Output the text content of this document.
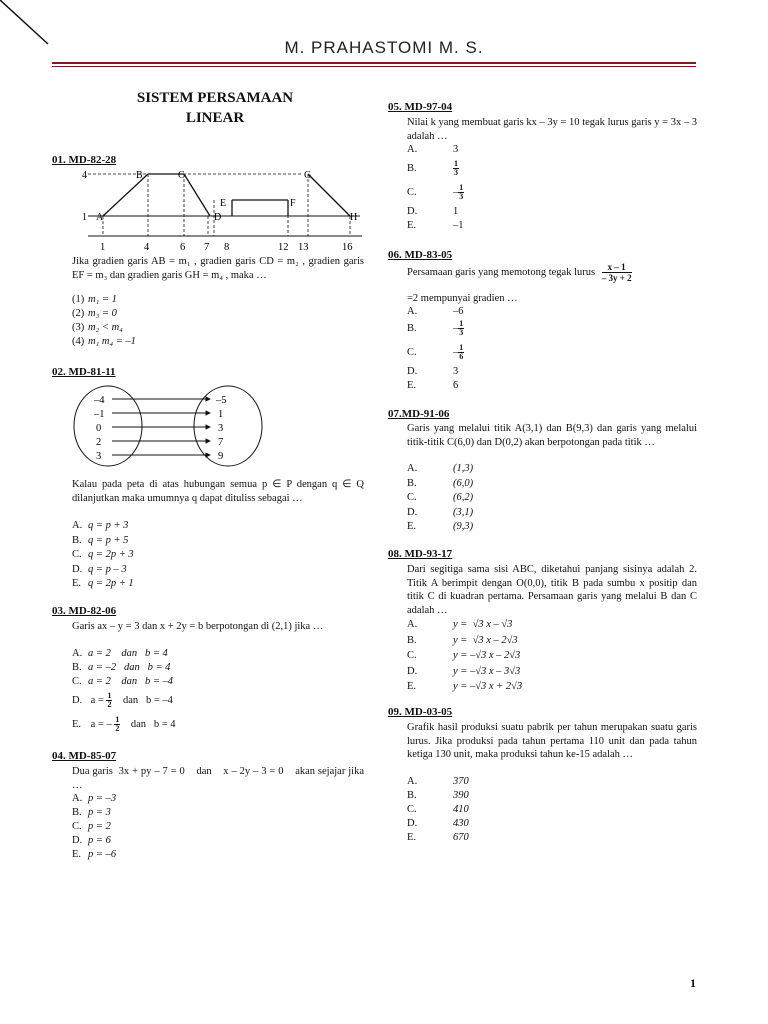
M. PRAHASTOMI M. S.
SISTEM PERSAMAAN
LINEAR
01. MD-82-28
4
1 A
B	C
D
E	F
G
H
1	4	6 7 8	12 13	16
Jika gradien garis AB = m₁ , gradien garis CD = m₂ , gradien garis EF = m₃ dan gradien garis GH = m₄ , maka …
(1) m₁ = 1
(2) m₃ = 0
(3) m₂ < m₄
(4) m₁ m₄ = –1
02. MD-81-11
–4
–1
0
2
3
–5
1
3
7
9
Kalau pada peta di atas hubungan semua p ∈ P dengan q ∈ Q dilanjutkan maka umumnya q dapat dituliss sebagai …
A. q = p + 3
B. q = p + 5
C. q = 2p + 3
D. q = p – 3
E. q = 2p + 1
03. MD-82-06
Garis ax – y = 3 dan x + 2y = b berpotongan di (2,1) jika …
A. a = 2    dan   b = 4
B. a = –2   dan   b = 4
C. a = 2    dan   b = –4
D. $a = \frac{1}{2}$ dan   b = –4
E. a = – $\frac{1}{2}$ dan   b = 4
04. MD-85-07
Dua garis  3x + py – 7 = 0    dan    x – 2y – 3 = 0    akan sejajar jika …
A. p = –3
B. p = 3
C. p = 2
D. p = 6
E. p = –6
05. MD-97-04
Nilai k yang membuat garis kx – 3y = 10 tegak lurus garis y = 3x – 3 adalah …
A.	3
B.	$\frac{1}{3}$
C.	– $\frac{1}{3}$
D.	1
E.	–1
06. MD-83-05
Persamaan garis yang memotong tegak lurus $\frac{x - 1}{- 3y + 2}$
=2 mempunyai gradien …
A.	–6
B.	– $\frac{1}{3}$
C.	– $\frac{1}{6}$
D.	3
E.	6
07.MD-91-06
Garis yang melalui titik A(3,1) dan B(9,3) dan garis yang melalui titik-titik C(6,0) dan D(0,2) akan berpotongan pada titik …
A.	(1,3)
B.	(6,0)
C.	(6,2)
D.	(3,1)
E.	(9,3)
08. MD-93-17
Dari segitiga sama sisi ABC, diketahui panjang sisinya adalah 2. Titik A berimpit dengan O(0,0), titik B pada sumbu x positip dan titik C di kuadran pertama. Persamaan garis yang melalui B dan C adalah …
A.	y =  √3 x – √3
B.	y =  √3 x – 2√3
C.	y = –√3 x – 2√3
D.	y = –√3 x – 3√3
E.	y = –√3 x + 2√3
09. MD-03-05
Grafik hasil produksi suatu pabrik per tahun merupakan suatu garis lurus. Jika produksi pada tahun pertama 110 unit dan pada tahun ketiga 130 unit, maka produksi tahun ke-15 adalah …
A.	370
B.	390
C.	410
D.	430
E.	670
1
